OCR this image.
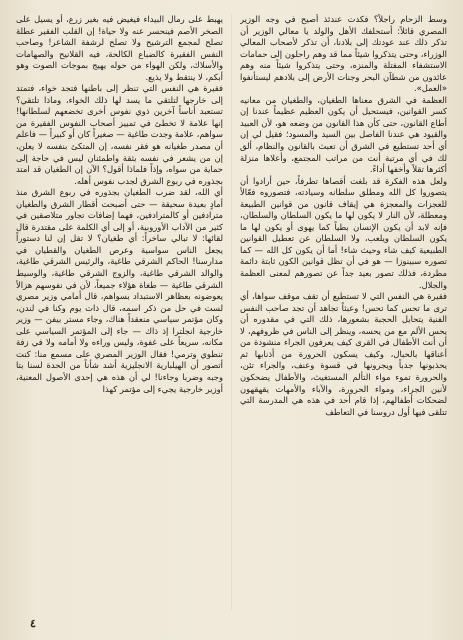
يهبط على رمال البيداء فيغيض فيه بغير زرع، أو يسيل على الصخر الأصم فينحسر عنه ولا حياة! إن القلب الفقير عطلة تصلح لمجمع الترشيح ولا تصلح لرشفة الشاعر! وصاحب النفس الفقيرة كالضباع الكالحة، فيه القلانيح والصهامات والأسلاك، ولكن الهواء من حوله يهيج بموجات الصوت وهو أبكم، لا ينتقط ولا يذيع.

فقيرة هي النفس التي تنظر إلى باطنها فتجد خواء، فتمتد إلى خارجها لتلتقي ما يسد لها ذلك الخواء، وماذا تلتقي؟ تستعبد أناساً آخرين ذوي نفوس أخرى تخضعهم لسلطانها! إنها علامة لا تخطئ في تمييز أصحاب النفوس الفقيرة من سواهم، علامة وجدت طاغية — صغيراً كان أو كبيراً — فاعلم أن مصدر طغيانه هو فقر نفسه، إن المتكئ بنفسه لا يعلن، إن من يشعر في نفسه بثقة واطمئنان ليس في حاجة إلى حماية من سواه، وإذاً فلماذا أقول؟ الآن إن الطغيان قد امتد بجذوره في ربوع الشرق لجدب نفوس أهله.

أي الله، لقد ضرب الطغيان بجذوره في ربوع الشرق منذ أمادٍ بعيدة سحيقة — حتى أصبحت أقطار الشرق والطغيان مترادفين أو كالمترادفين، فهما إضافات تجاور متلاصقين في كثير من الآداب الأوروبية، أو إلى أي الكلمة على مقتدرة قال لقائها: لا تبالي ساخراً: أي طغيان؟ لا تقل إن لنا دستوراً يجعل الناس سواسية وعرص الطغيان والقطيان في مدارسنا! الحاكم الشرقي طاغية، والرئيس الشرقي طاغية، والوالد الشرقي طاغية، والزوج الشرقي طاغية، والوسيط الشرقي طاغية — طغاة هؤلاء جميعاً، لأن في نفوسهم هزالاً يعوضونه بعظاهر الاستبداد بسواهم، قال أمامي وزير مصري لست في حل من ذكر اسمه، قال ذات يوم وكنا في لندن، وكان مؤتمر سياسي منعقداً هناك، وجاء مستر بيفن — وزير خارجية انجلترا إذ ذاك — جاء إلى المؤتمر السياسي على مكانه، سريعاً على غفوة، وليس وراءه ولا أمامه ولا في زفة تنطوي وترمي! فقال الوزير المصري على مسمع منا: كنت أتصور أن الهيلبارية الانجليزية أشد شأناً من الحدة لسنا بتا وجبه وضربا وجاءنا! لي أن هذه هي إحدى الأصول المعنية، أوزير خارجية يجيء إلى مؤتمر كهذا

وسط الزحام راجلاً؟ فكدت عندئذ أصيح في وجه الوزير المصري قائلاً: أستحلفك الأهل والولد يا معالي الوزير أن تذكر ذلك عند عودتك إلى بلادنا، أن تذكر لأصحاب المعالي الوزراء، وحتى يتذكروا شيئاً مما قد وهم راحلون إلى حمامات الاستشفاء المفتلة والمنزه، وحتى يتذكروا شيئاً منه وهم عائدون من شطآن البحر وجنات الأرض إلى بلادهم ليستأنفوا «العمل».

العظمة في الشرق معناها الطغيان، والطغيان من معانيه كسر القوانين، فيستحيل أن يكون العظيم عظيماً عندنا إن أطاع القانون، حتى كأن هذا القانون من وضعه هو، لأن العبيد والقيود هي عندنا الفاصل بين السيد والمسود؛ فقيل لي إن أي أحد تستطيع في الشرق أن تعبث بالقانون والنظام، ألق لك في أي مرتبة أنت من مراتب المجتمع، وأعلاها منزلة أكثرها تقلاً وأخفها أداءً.

ولعل هذه الفكرة قد بلغت أقصاها تطرفاً، حين أرادوا أن يتصوروا كل الله ومطلق سلطانه وسيادته، فتصوروه فعّالاً للعجزات والمعجزة هي إيقاف قانون من قوانين الطبيعة ومعطلة، لأن النار لا يكون لها ما يكون السلطان والسلطان، فإنه لابد أن يكون الإنسان بطياً كما يهوى أو يكون لها ما يكون السلطان ويلعب، ولا السلطان عن تعطيل القوانين الطبيعية كيف شاء وحيث شاء! أما أن يكون كل الله — كما تصوره سبينوزا — هو في أن تظل قوانين الكون ثابتة دائمة مطردة، فذلك تصور بعيد جداً عن تصورهم لمعنى العظمة والجلال.

فقيرة هي النفس التي لا تستطيع أن تقف موقف سواها، أي ترى ما تحس كما تحس! وعبثاً تجاهد أن تجد صاحب النفس الفنية يتحايل الحجبة بشعورها، ذلك التي في مقدوره أن يحس الألم مع من يحسه، وينظر إلى الناس في ظروفهم، لا أن أنت الأطفال في القرى كيف يعرفون الجراء منشودة من أعناقها بالحبال، وكيف يسكون الحرورة من أذنابها ثم يحذبونها جدباً ويجرونها في قسوة وعنف، والجراء تئن، والحرورة تموء مواء التألم المستغيث، والأطفال يضحكون لأنين الجراء، ومواء الحرورة، والآباء والأمهات يقهقهون لضحكات أطفالهم، إذا قام أحد في هذه هي المدرسة التي تتلقى فيها أول دروسنا في التعاطف

٤
